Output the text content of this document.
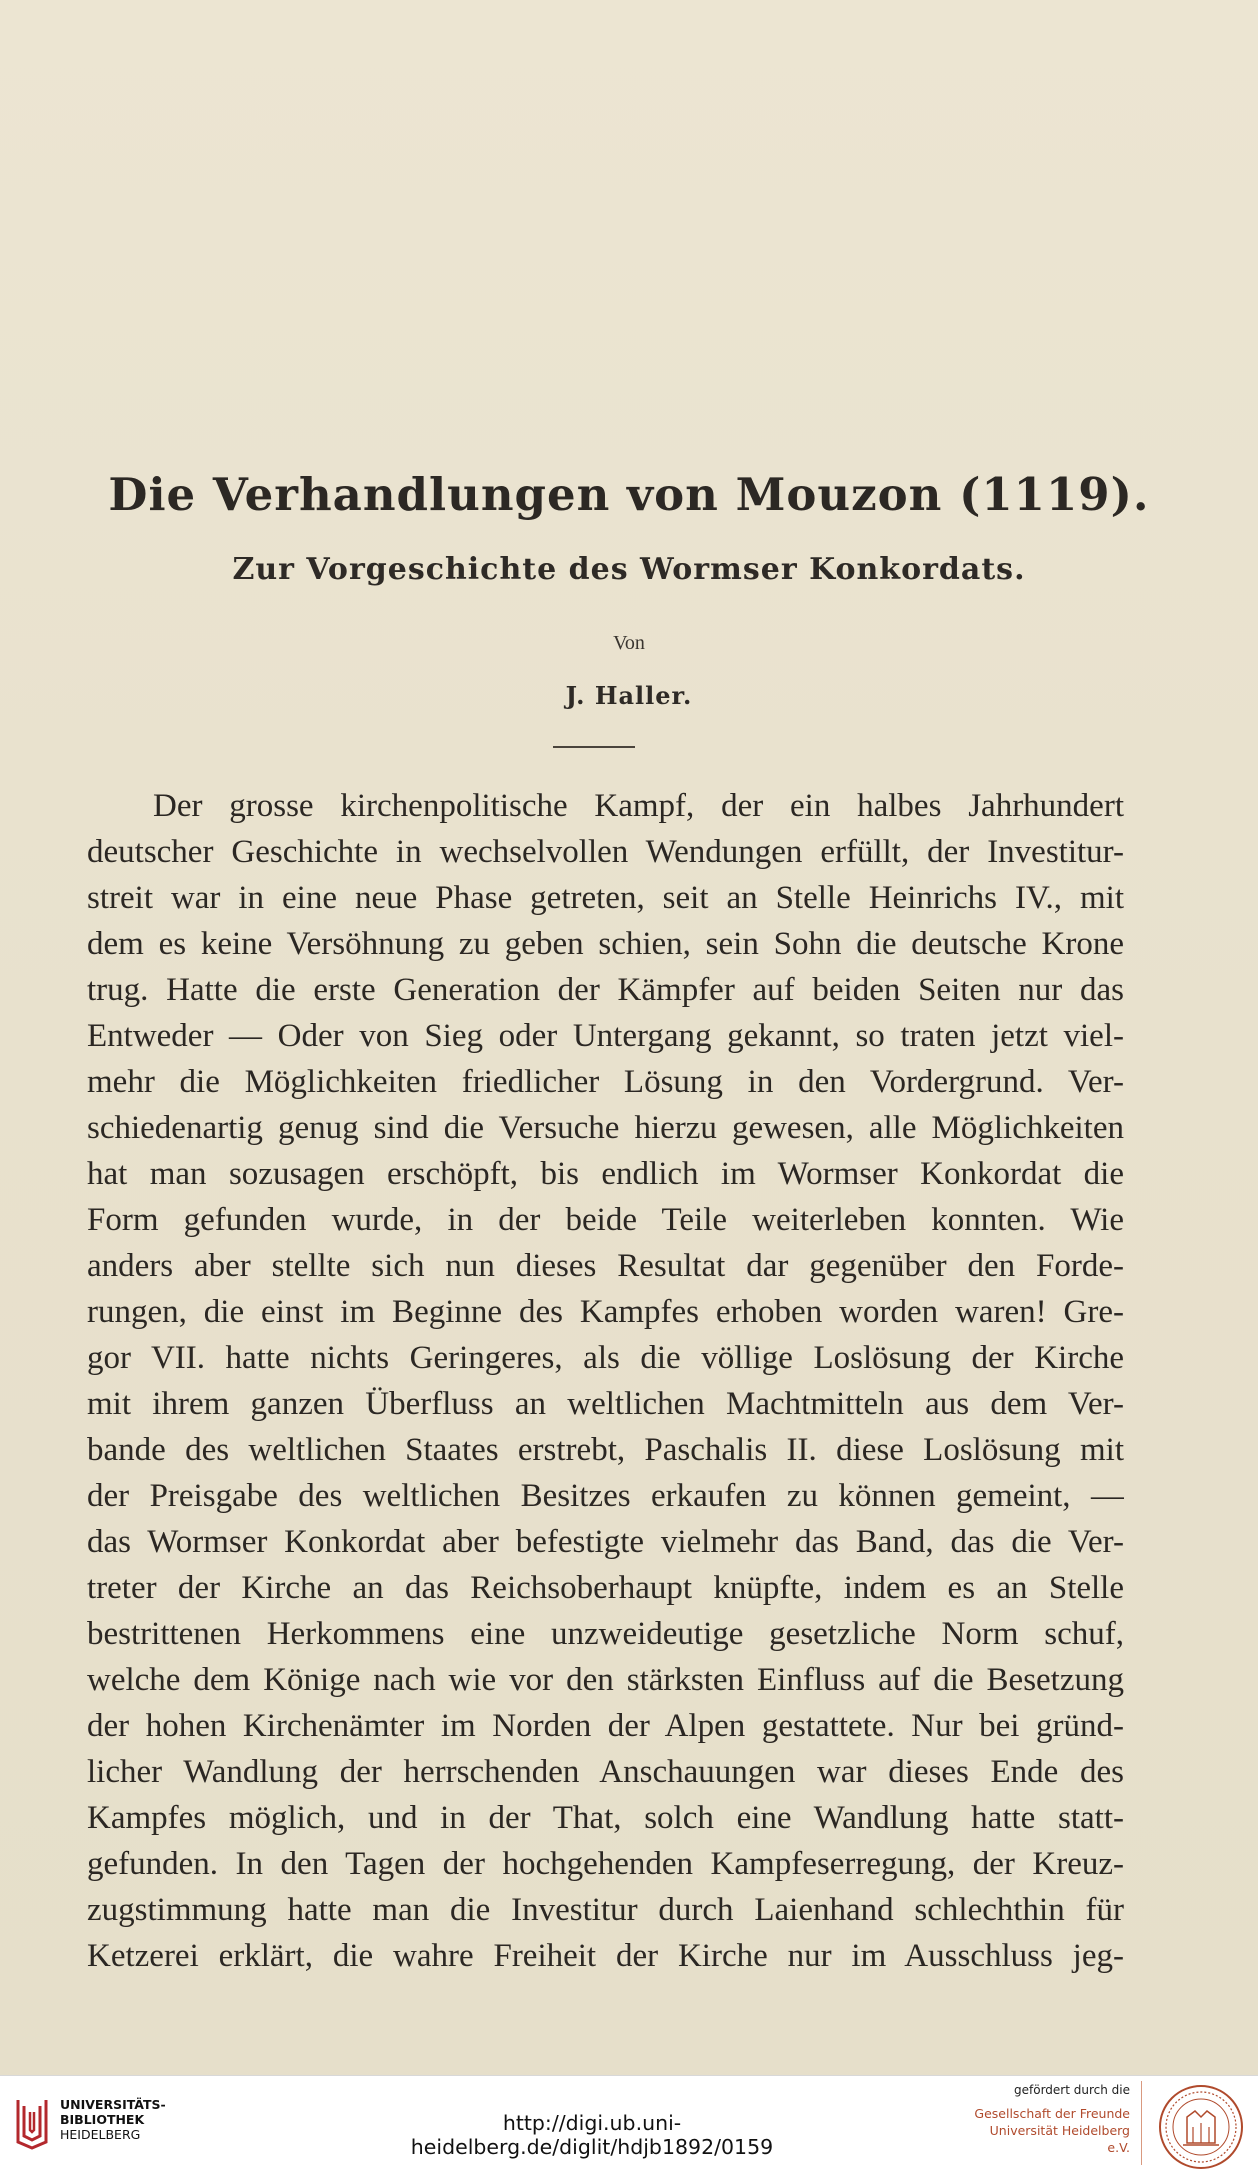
Die Verhandlungen von Mouzon (1119).
Zur Vorgeschichte des Wormser Konkordats.
Von
J. Haller.
Der grosse kirchenpolitische Kampf, der ein halbes Jahrhundert
deutscher Geschichte in wechselvollen Wendungen erfüllt, der Investitur-
streit war in eine neue Phase getreten, seit an Stelle Heinrichs IV., mit
dem es keine Versöhnung zu geben schien, sein Sohn die deutsche Krone
trug. Hatte die erste Generation der Kämpfer auf beiden Seiten nur das
Entweder — Oder von Sieg oder Untergang gekannt, so traten jetzt viel-
mehr die Möglichkeiten friedlicher Lösung in den Vordergrund. Ver-
schiedenartig genug sind die Versuche hierzu gewesen, alle Möglichkeiten
hat man sozusagen erschöpft, bis endlich im Wormser Konkordat die
Form gefunden wurde, in der beide Teile weiterleben konnten. Wie
anders aber stellte sich nun dieses Resultat dar gegenüber den Forde-
rungen, die einst im Beginne des Kampfes erhoben worden waren! Gre-
gor VII. hatte nichts Geringeres, als die völlige Loslösung der Kirche
mit ihrem ganzen Überfluss an weltlichen Machtmitteln aus dem Ver-
bande des weltlichen Staates erstrebt, Paschalis II. diese Loslösung mit
der Preisgabe des weltlichen Besitzes erkaufen zu können gemeint, —
das Wormser Konkordat aber befestigte vielmehr das Band, das die Ver-
treter der Kirche an das Reichsoberhaupt knüpfte, indem es an Stelle
bestrittenen Herkommens eine unzweideutige gesetzliche Norm schuf,
welche dem Könige nach wie vor den stärksten Einfluss auf die Besetzung
der hohen Kirchenämter im Norden der Alpen gestattete. Nur bei gründ-
licher Wandlung der herrschenden Anschauungen war dieses Ende des
Kampfes möglich, und in der That, solch eine Wandlung hatte statt-
gefunden. In den Tagen der hochgehenden Kampfeserregung, der Kreuz-
zugstimmung hatte man die Investitur durch Laienhand schlechthin für
Ketzerei erklärt, die wahre Freiheit der Kirche nur im Ausschluss jeg-
UNIVERSITÄTS-
BIBLIOTHEK
HEIDELBERG	http://digi.ub.uni-heidelberg.de/diglit/hdjb1892/0159
gefördert durch die
Gesellschaft der Freunde
Universität Heidelberg e.V.
